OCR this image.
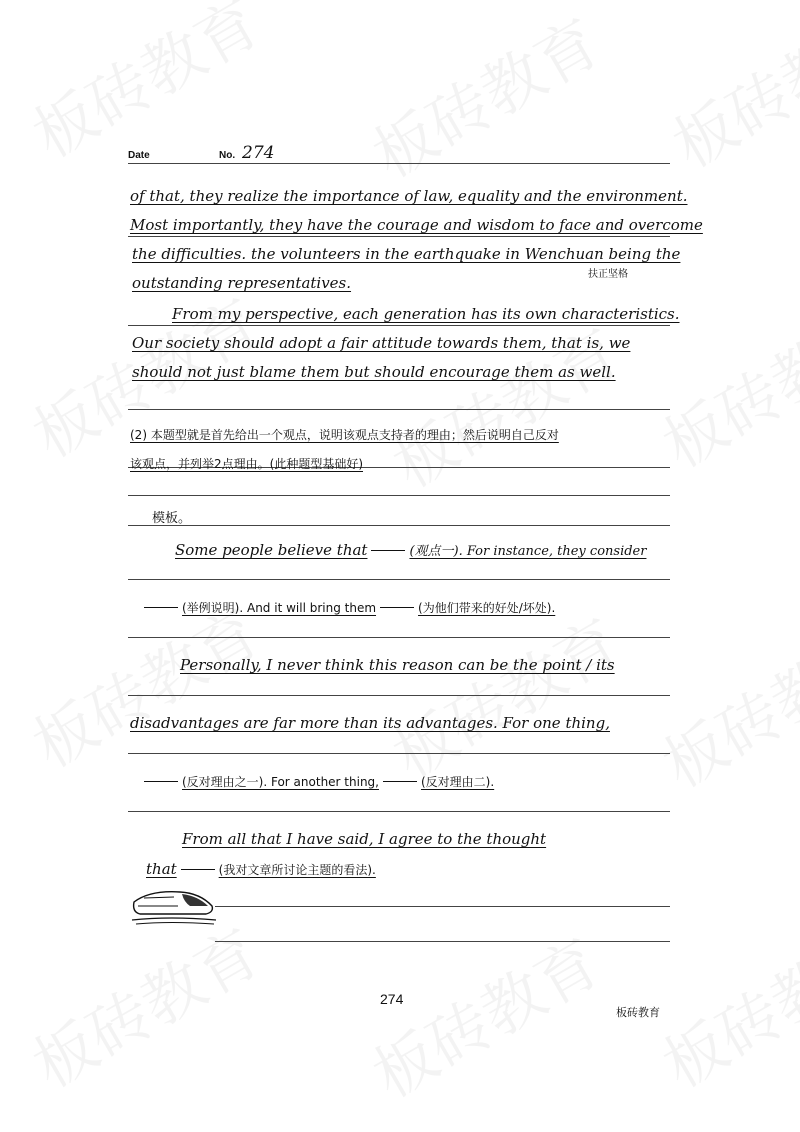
Date	No. 274
of that, they realize the importance of law, equality and the environment.
Most importantly, they have the courage and wisdom to face and overcome
the difficulties. the volunteers in the earthquake in Wenchuan being the
outstanding representatives.	扶正坚格
From my perspective, each generation has its own characteristics.
Our society should adopt a fair attitude towards them, that is, we
should not just blame them but should encourage them as well.
(2) 本题型就是首先给出一个观点，说明该观点支持者的理由；然后说明自己反对
该观点，并列举2点理由。(此种题型基础好)
模板。
Some people believe that	(观点一). For instance, they consider
(举例说明). And it will bring them	(为他们带来的好处/坏处).
Personally, I never think this reason can be the point / its
disadvantages are far more than its advantages. For one thing,
(反对理由之一). For another thing,	(反对理由二).
From all that I have said, I agree to the thought
that	(我对文章所讨论主题的看法).
274
板砖教育
